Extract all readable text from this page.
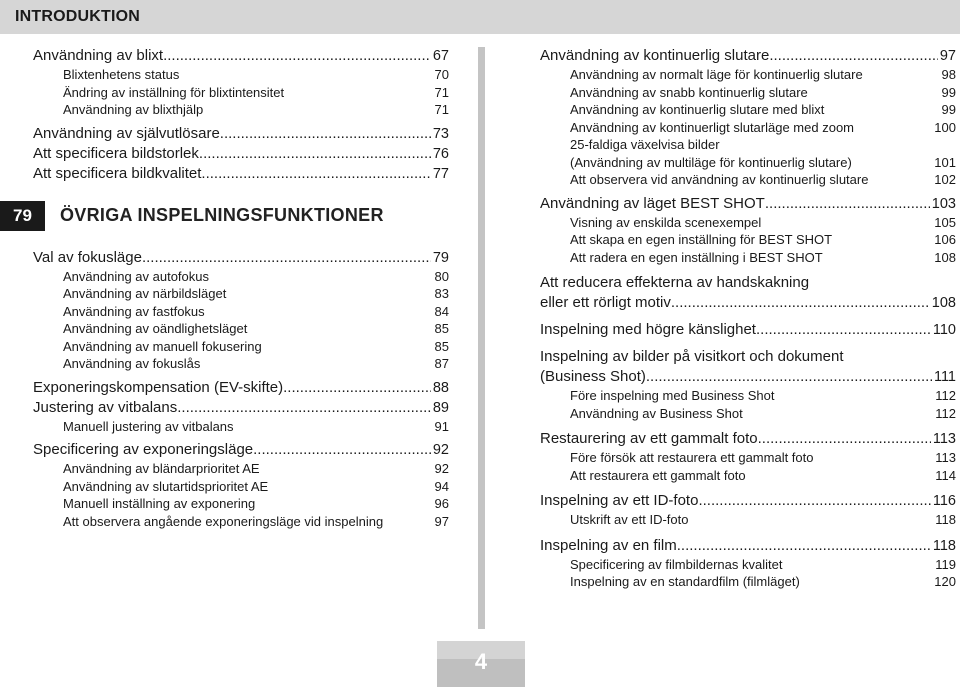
INTRODUKTION
Användning av blixt .....	67
Blixtenhetens status	70
Ändring av inställning för blixtintensitet	71
Användning av blixthjälp	71
Användning av självutlösare .....	73
Att specificera bildstorlek .....	76
Att specificera bildkvalitet .....	77
79	ÖVRIGA INSPELNINGSFUNKTIONER
Val av fokusläge .....	79
Användning av autofokus	80
Användning av närbildsläget	83
Användning av fastfokus	84
Användning av oändlighetsläget	85
Användning av manuell fokusering	85
Användning av fokuslås	87
Exponeringskompensation (EV-skifte) .....	88
Justering av vitbalans .....	89
Manuell justering av vitbalans	91
Specificering av exponeringsläge .....	92
Användning av bländarprioritet AE	92
Användning av slutartidsprioritet AE	94
Manuell inställning av exponering	96
Att observera angående exponeringsläge vid inspelning	97
Användning av kontinuerlig slutare .....	97
Användning av normalt läge för kontinuerlig slutare	98
Användning av snabb kontinuerlig slutare	99
Användning av kontinuerlig slutare med blixt	99
Användning av kontinuerligt slutarläge med zoom	100
25-faldiga växelvisa bilder
(Användning av multiläge för kontinuerlig slutare)	101
Att observera vid användning av kontinuerlig slutare	102
Användning av läget BEST SHOT .....	103
Visning av enskilda scenexempel	105
Att skapa en egen inställning för BEST SHOT	106
Att radera en egen inställning i BEST SHOT	108
Att reducera effekterna av handskakning
eller ett rörligt motiv .....	108
Inspelning med högre känslighet .....	110
Inspelning av bilder på visitkort och dokument
(Business Shot) .....	111
Före inspelning med Business Shot	112
Användning av Business Shot	112
Restaurering av ett gammalt foto .....	113
Före försök att restaurera ett gammalt foto	113
Att restaurera ett gammalt foto	114
Inspelning av ett ID-foto .....	116
Utskrift av ett ID-foto	118
Inspelning av en film .....	118
Specificering av filmbildernas kvalitet	119
Inspelning av en standardfilm (filmläget)	120
4
